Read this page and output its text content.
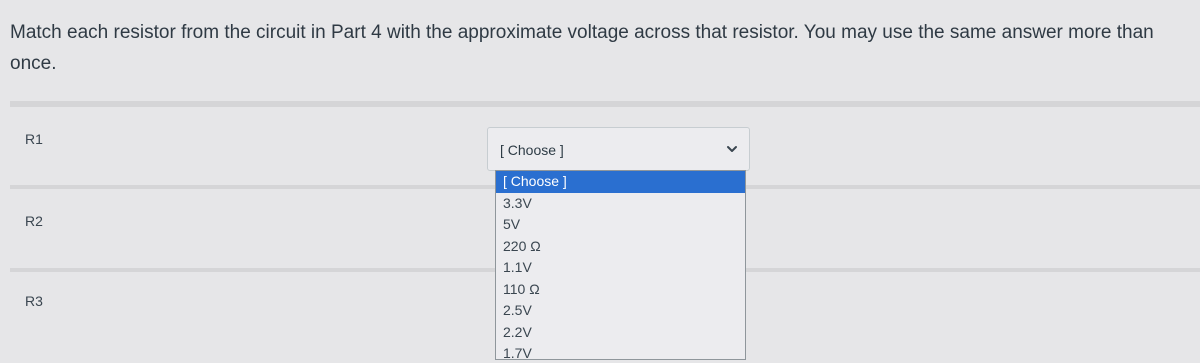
Match each resistor from the circuit in Part 4 with the approximate voltage across that resistor. You may use the same answer more than once.
R1
[ Choose ]
R2
R3
[ Choose ]
3.3V
5V
220 Ω
1.1V
110 Ω
2.5V
2.2V
1.7V
